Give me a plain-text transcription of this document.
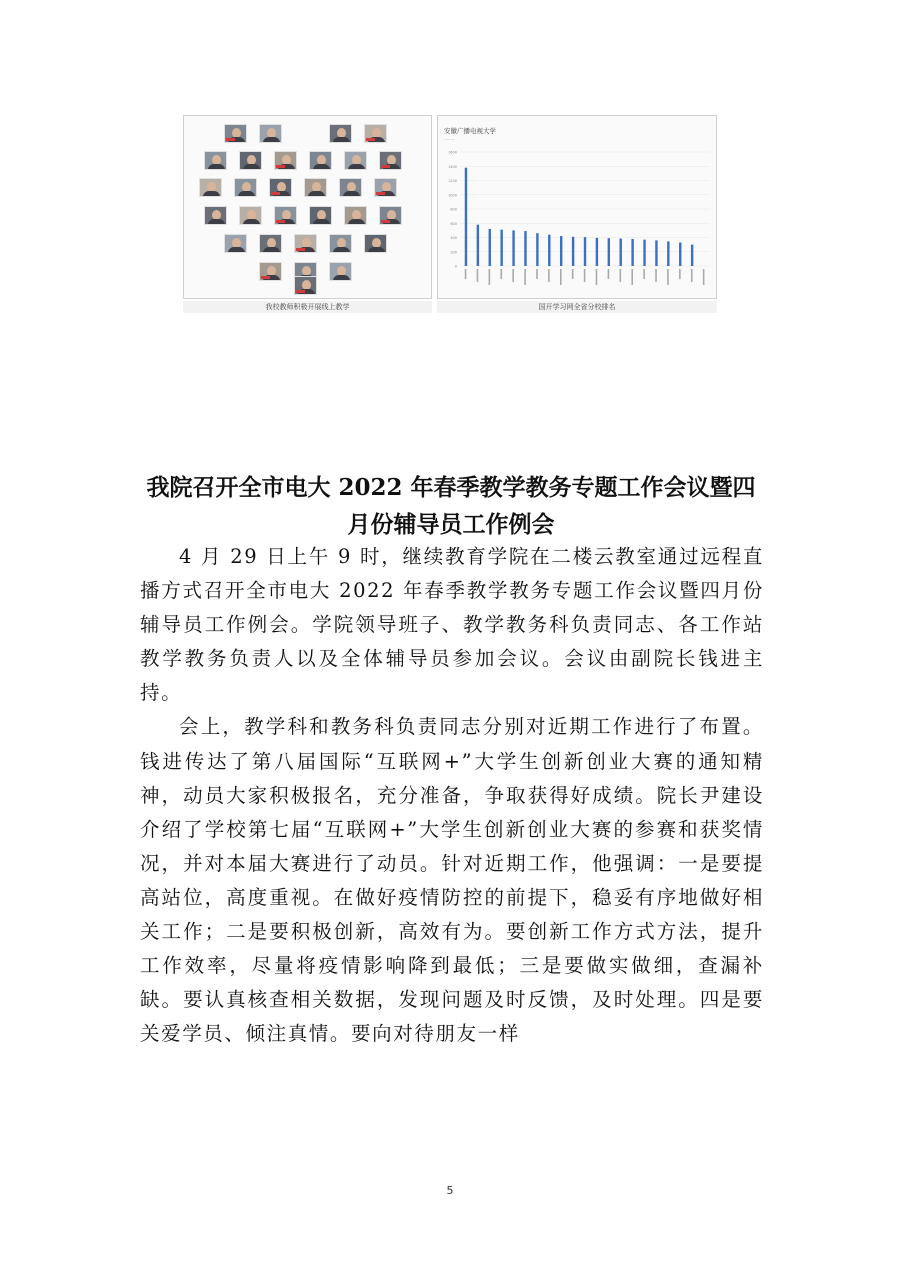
我校教师积极开展线上教学
安徽广播电视大学
········
0
200
400
600
800
1000
1200
1400
1600
国开学习网全省分校排名
我院召开全市电大 2022 年春季教学教务专题工作会议暨四
月份辅导员工作例会

4 月 29 日上午 9 时，继续教育学院在二楼云教室通过远程直播方式召开全市电大 2022 年春季教学教务专题工作会议暨四月份辅导员工作例会。学院领导班子、教学教务科负责同志、各工作站教学教务负责人以及全体辅导员参加会议。会议由副院长钱进主持。

会上，教学科和教务科负责同志分别对近期工作进行了布置。钱进传达了第八届国际“互联网+”大学生创新创业大赛的通知精神，动员大家积极报名，充分准备，争取获得好成绩。院长尹建设介绍了学校第七届“互联网+”大学生创新创业大赛的参赛和获奖情况，并对本届大赛进行了动员。针对近期工作，他强调：一是要提高站位，高度重视。在做好疫情防控的前提下，稳妥有序地做好相关工作；二是要积极创新，高效有为。要创新工作方式方法，提升工作效率，尽量将疫情影响降到最低；三是要做实做细，查漏补缺。要认真核查相关数据，发现问题及时反馈，及时处理。四是要关爱学员、倾注真情。要向对待朋友一样

5
